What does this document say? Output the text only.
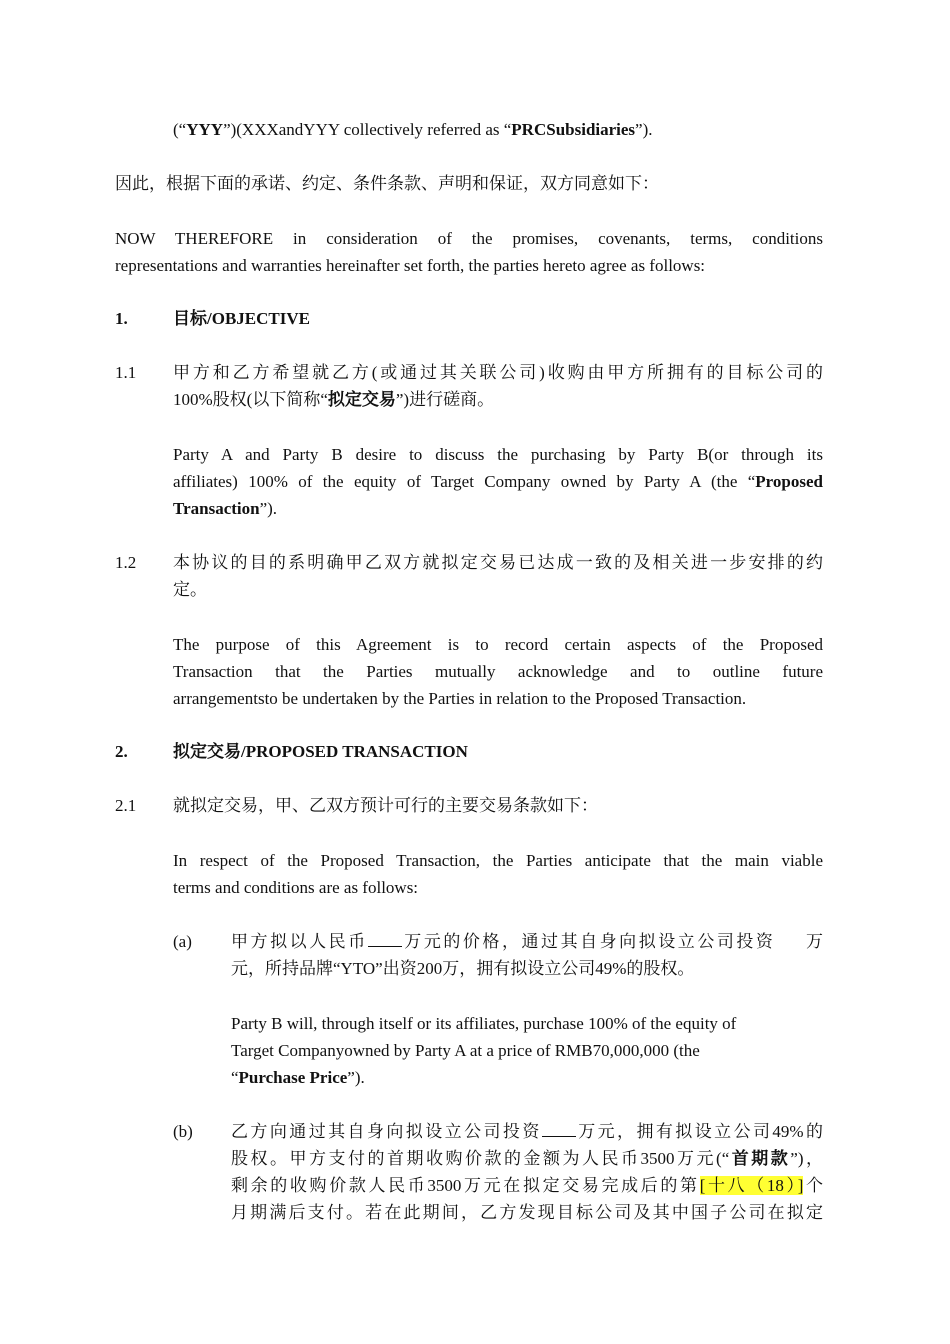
(“YYY”)(XXXandYYY collectively referred as “PRCSubsidiaries”).
因此，根据下面的承诺、约定、条件条款、声明和保证，双方同意如下：
NOW THEREFORE in consideration of the promises, covenants, terms, conditions
representations and warranties hereinafter set forth, the parties hereto agree as follows:
1.	目标/OBJECTIVE
1.1 甲方和乙方希望就乙方(或通过其关联公司)收购由甲方所拥有的目标公司的
100%股权(以下简称“拟定交易”)进行磋商。
Party A and Party B desire to discuss the purchasing by Party B(or through its
affiliates) 100% of the equity of Target Company owned by Party A (the “Proposed
Transaction”).
1.2 本协议的目的系明确甲乙双方就拟定交易已达成一致的及相关进一步安排的约
定。
The purpose of this Agreement is to record certain aspects of the Proposed
Transaction that the Parties mutually acknowledge and to outline future
arrangementsto be undertaken by the Parties in relation to the Proposed Transaction.
2.	拟定交易/PROPOSED TRANSACTION
2.1 就拟定交易，甲、乙双方预计可行的主要交易条款如下：
In respect of the Proposed Transaction, the Parties anticipate that the main viable
terms and conditions are as follows:
(a) 甲方拟以人民币 万元的价格，通过其自身向拟设立公司投资 万
元，所持品牌“YTO”出资200万，拥有拟设立公司49%的股权。
Party B will, through itself or its affiliates, purchase 100% of the equity of
Target Companyowned by Party A at a price of RMB70,000,000 (the
“Purchase Price”).
(b) 乙方向通过其自身向拟设立公司投资 万元，拥有拟设立公司49%的
股权。甲方支付的首期收购价款的金额为人民币3500万元(“首期款”)，
剩余的收购价款人民币3500万元在拟定交易完成后的第[十八（18）]个
月期满后支付。若在此期间，乙方发现目标公司及其中国子公司在拟定
